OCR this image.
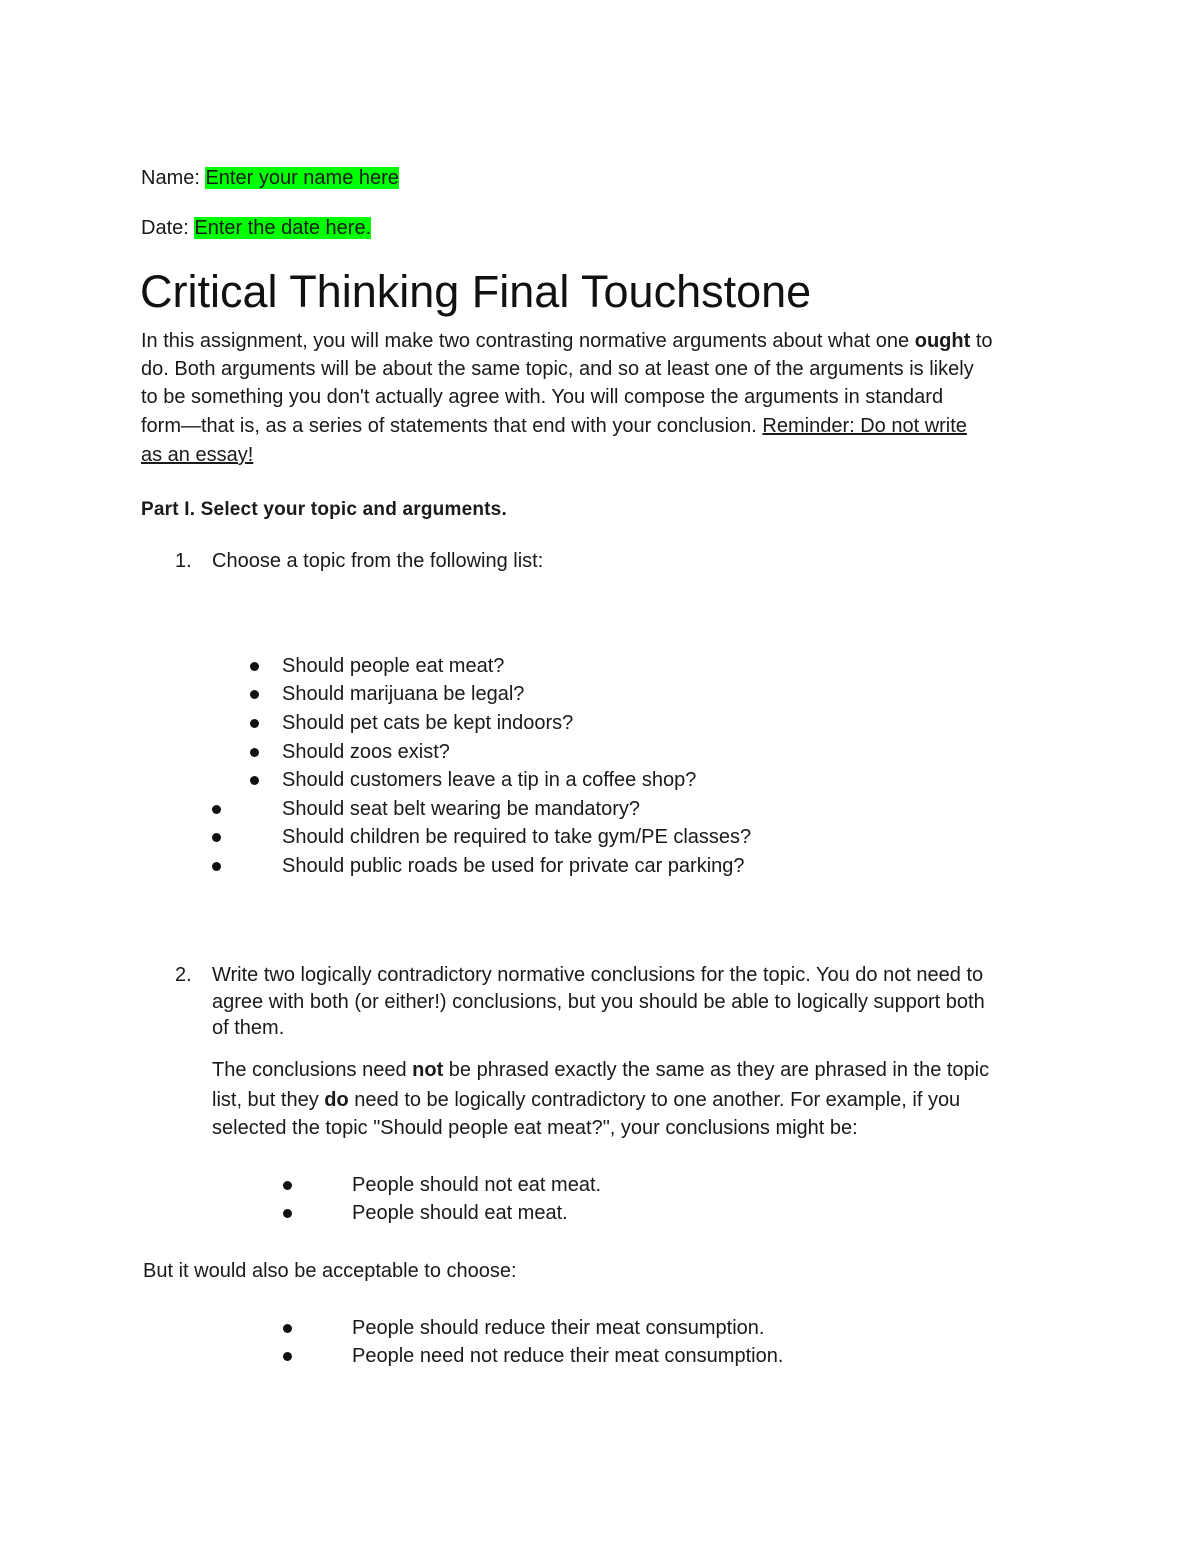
Name: Enter your name here
Date: Enter the date here.
Critical Thinking Final Touchstone
In this assignment, you will make two contrasting normative arguments about what one ought to
do. Both arguments will be about the same topic, and so at least one of the arguments is likely
to be something you don't actually agree with. You will compose the arguments in standard
form—that is, as a series of statements that end with your conclusion. Reminder: Do not write
as an essay!
Part I. Select your topic and arguments.
1. Choose a topic from the following list:
Should people eat meat?
Should marijuana be legal?
Should pet cats be kept indoors?
Should zoos exist?
Should customers leave a tip in a coffee shop?
Should seat belt wearing be mandatory?
Should children be required to take gym/PE classes?
Should public roads be used for private car parking?
2. Write two logically contradictory normative conclusions for the topic. You do not need to
agree with both (or either!) conclusions, but you should be able to logically support both
of them.
The conclusions need not be phrased exactly the same as they are phrased in the topic
list, but they do need to be logically contradictory to one another. For example, if you
selected the topic "Should people eat meat?", your conclusions might be:
People should not eat meat.
People should eat meat.
But it would also be acceptable to choose:
People should reduce their meat consumption.
People need not reduce their meat consumption.
